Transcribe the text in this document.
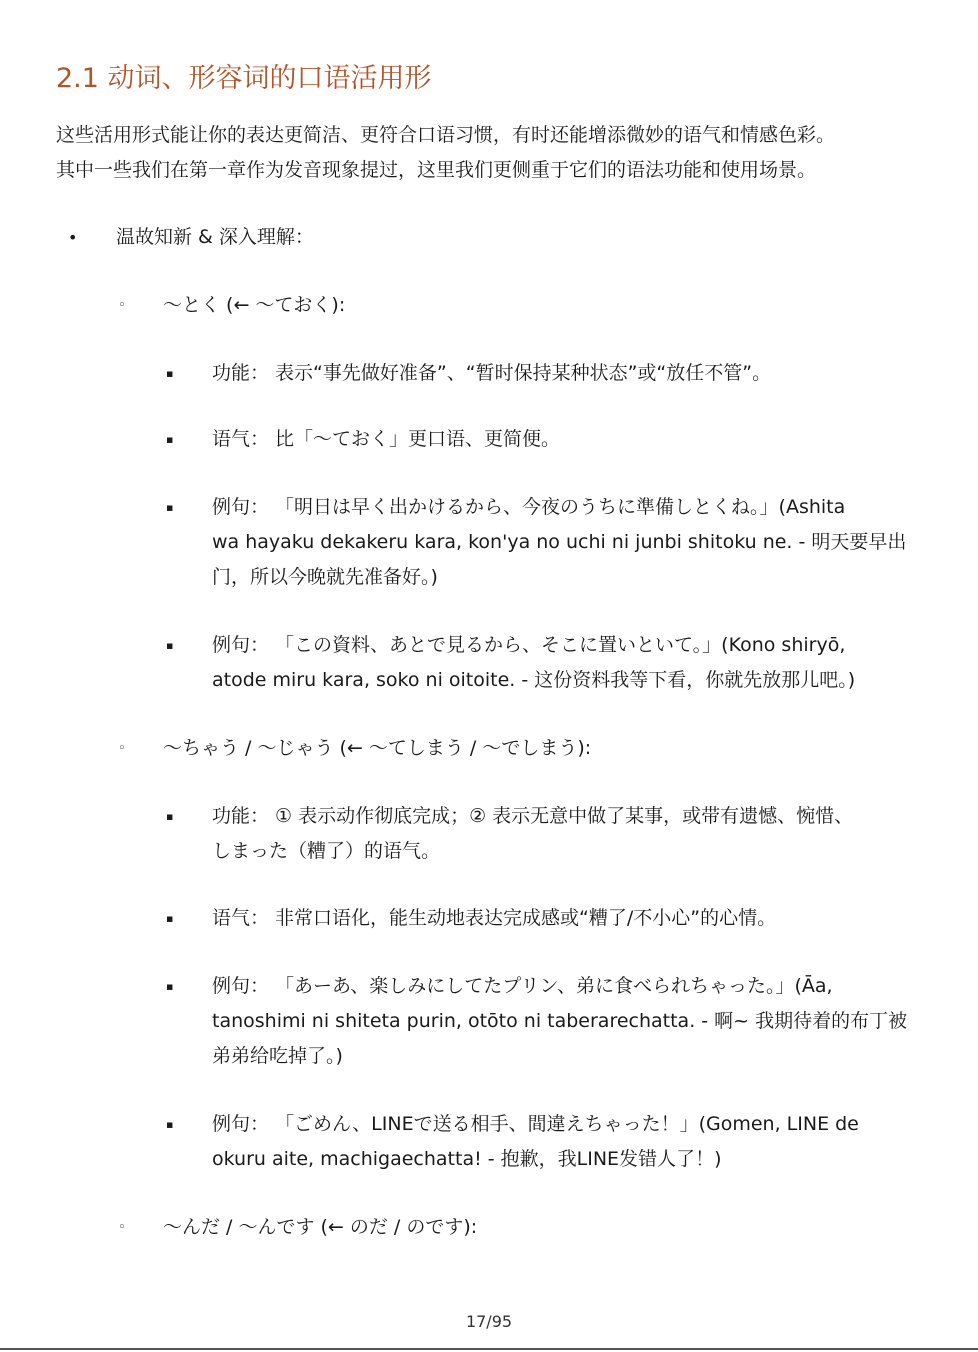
2.1 动词、形容词的口语活用形
这些活用形式能让你的表达更简洁、更符合口语习惯，有时还能增添微妙的语气和情感色彩。
其中一些我们在第一章作为发音现象提过，这里我们更侧重于它们的语法功能和使用场景。
• 温故知新 & 深入理解：
◦ ～とく (← ～ておく):
▪ 功能： 表示“事先做好准备”、“暂时保持某种状态”或“放任不管”。
▪ 语气： 比「～ておく」更口语、更简便。
▪ 例句： 「明日は早く出かけるから、今夜のうちに準備しとくね。」(Ashita
wa hayaku dekakeru kara, kon'ya no uchi ni junbi shitoku ne. - 明天要早出
门，所以今晚就先准备好。)
▪ 例句： 「この資料、あとで見るから、そこに置いといて。」(Kono shiryō,
atode miru kara, soko ni oitoite. - 这份资料我等下看，你就先放那儿吧。)
◦ ～ちゃう / ～じゃう (← ～てしまう / ～でしまう):
▪ 功能： ① 表示动作彻底完成；② 表示无意中做了某事，或带有遗憾、惋惜、
しまった（糟了）的语气。
▪ 语气： 非常口语化，能生动地表达完成感或“糟了/不小心”的心情。
▪ 例句： 「あーあ、楽しみにしてたプリン、弟に食べられちゃった。」(Āa,
tanoshimi ni shiteta purin, otōto ni taberarechatta. - 啊~ 我期待着的布丁被
弟弟给吃掉了。)
▪ 例句： 「ごめん、LINEで送る相手、間違えちゃった！」(Gomen, LINE de
okuru aite, machigaechatta! - 抱歉，我LINE发错人了！)
◦ ～んだ / ～んです (← のだ / のです):
17/95
